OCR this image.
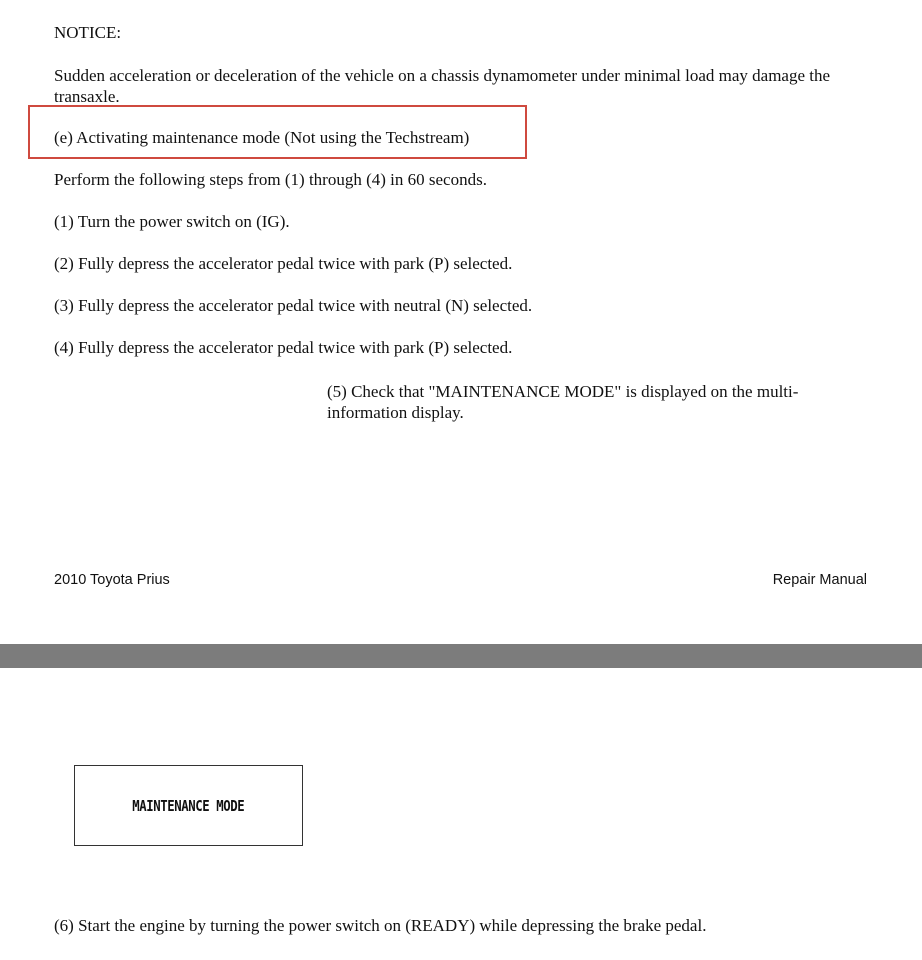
NOTICE:

Sudden acceleration or deceleration of the vehicle on a chassis dynamometer under minimal load may damage the transaxle.

(e) Activating maintenance mode (Not using the Techstream)

Perform the following steps from (1) through (4) in 60 seconds.

(1) Turn the power switch on (IG).

(2) Fully depress the accelerator pedal twice with park (P) selected.

(3) Fully depress the accelerator pedal twice with neutral (N) selected.

(4) Fully depress the accelerator pedal twice with park (P) selected.

(5) Check that "MAINTENANCE MODE" is displayed on the multi-information display.

2010 Toyota Prius	Repair Manual
MAINTENANCE MODE

(6) Start the engine by turning the power switch on (READY) while depressing the brake pedal.
